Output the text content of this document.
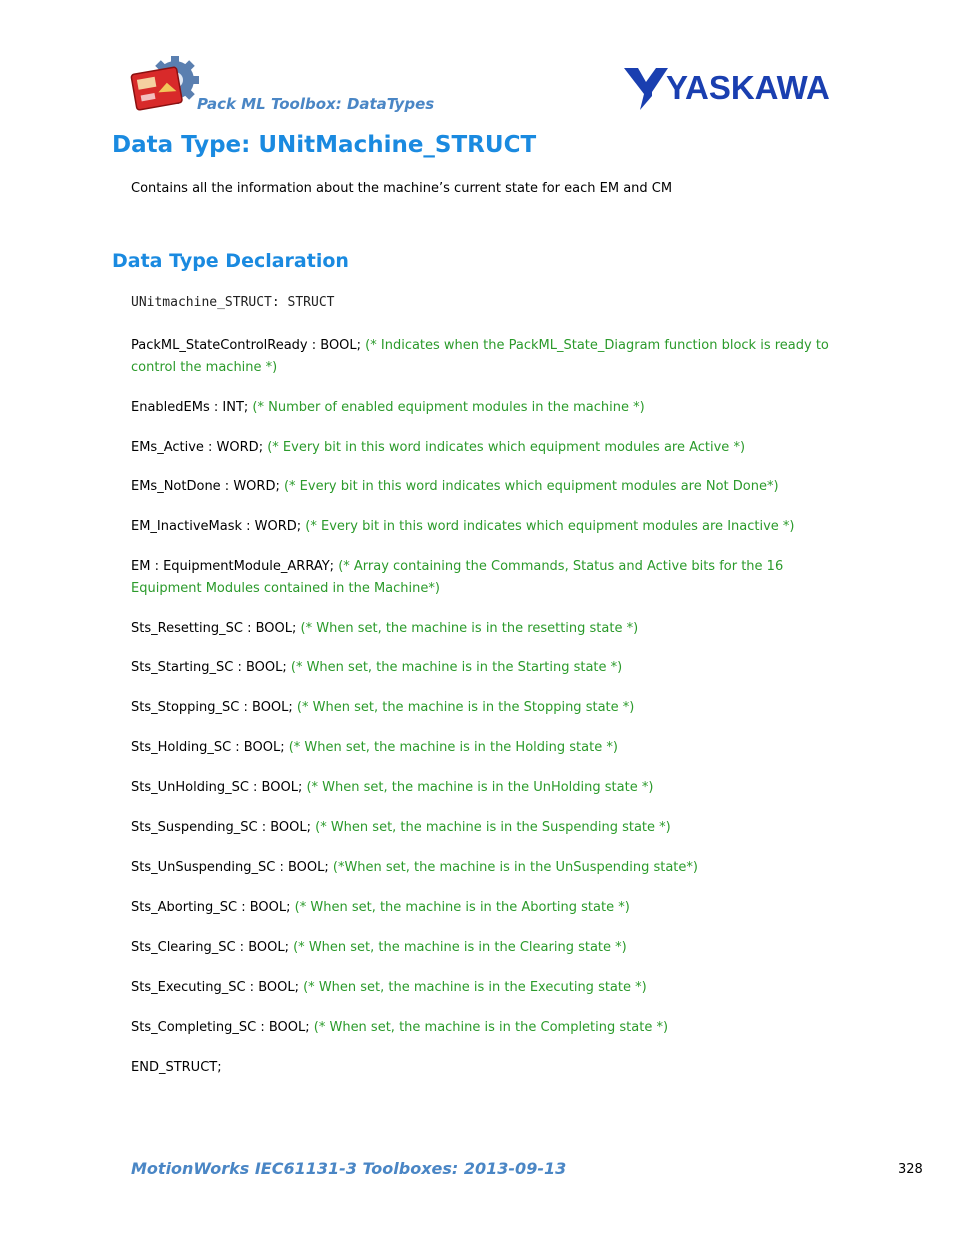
Pack ML Toolbox: DataTypes	YASKAWA
Data Type: UNitMachine_STRUCT

Contains all the information about the machine’s current state for each EM and CM

Data Type Declaration

UNitmachine_STRUCT: STRUCT

PackML_StateControlReady : BOOL; (* Indicates when the PackML_State_Diagram function block is ready to control the machine *)

EnabledEMs : INT; (* Number of enabled equipment modules in the machine *)

EMs_Active : WORD; (* Every bit in this word indicates which equipment modules are Active *)

EMs_NotDone : WORD; (* Every bit in this word indicates which equipment modules are Not Done*)

EM_InactiveMask : WORD; (* Every bit in this word indicates which equipment modules are Inactive *)

EM : EquipmentModule_ARRAY; (* Array containing the Commands, Status and Active bits for the 16 Equipment Modules contained in the Machine*)

Sts_Resetting_SC : BOOL; (* When set, the machine is in the resetting state *)

Sts_Starting_SC : BOOL; (* When set, the machine is in the Starting state *)

Sts_Stopping_SC : BOOL; (* When set, the machine is in the Stopping state *)

Sts_Holding_SC : BOOL; (* When set, the machine is in the Holding state *)

Sts_UnHolding_SC : BOOL; (* When set, the machine is in the UnHolding state *)

Sts_Suspending_SC : BOOL; (* When set, the machine is in the Suspending state *)

Sts_UnSuspending_SC : BOOL; (*When set, the machine is in the UnSuspending state*)

Sts_Aborting_SC : BOOL; (* When set, the machine is in the Aborting state *)

Sts_Clearing_SC : BOOL; (* When set, the machine is in the Clearing state *)

Sts_Executing_SC : BOOL; (* When set, the machine is in the Executing state *)

Sts_Completing_SC : BOOL; (* When set, the machine is in the Completing state *)

END_STRUCT;

MotionWorks IEC61131-3 Toolboxes: 2013-09-13	328
